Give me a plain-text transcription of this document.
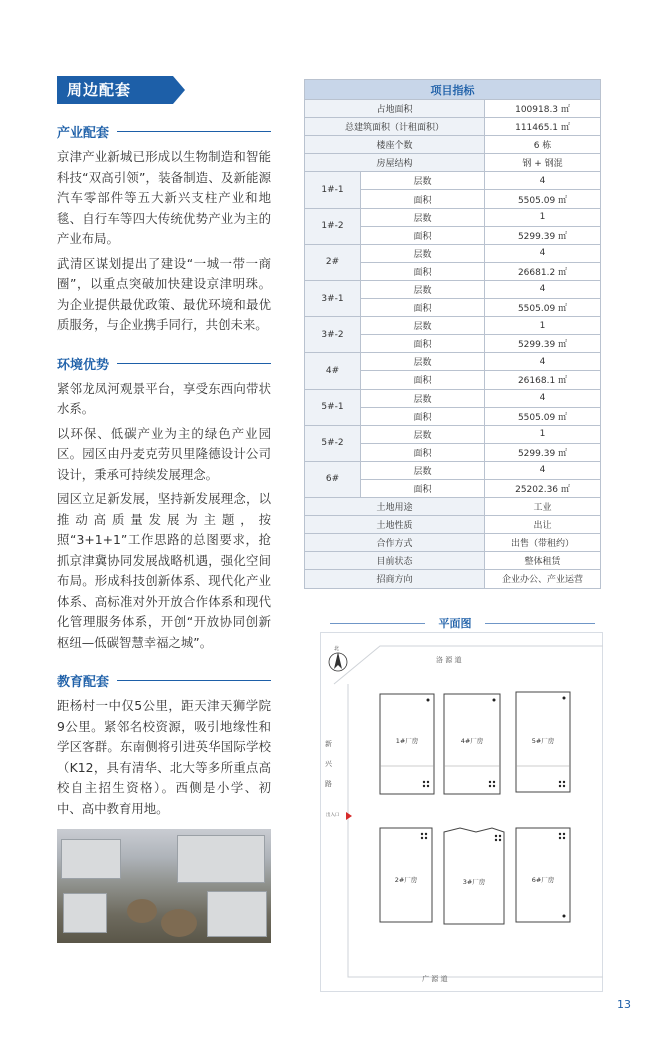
周边配套
产业配套

京津产业新城已形成以生物制造和智能科技“双高引领”，装备制造、及新能源汽车零部件等五大新兴支柱产业和地毯、自行车等四大传统优势产业为主的产业布局。

武清区谋划提出了建设“一城一带一商圈”，以重点突破加快建设京津明珠。为企业提供最优政策、最优环境和最优质服务，与企业携手同行，共创未来。

环境优势

紧邻龙凤河观景平台，享受东西向带状水系。

以环保、低碳产业为主的绿色产业园区。园区由丹麦克劳贝里隆德设计公司设计，秉承可持续发展理念。

园区立足新发展，坚持新发展理念，以推动高质量发展为主题，按照“3+1+1”工作思路的总图要求，抢抓京津冀协同发展战略机遇，强化空间布局。形成科技创新体系、现代化产业体系、高标准对外开放合作体系和现代化管理服务体系，开创“开放协同创新枢纽—低碳智慧幸福之城”。

教育配套

距杨村一中仅5公里，距天津天狮学院9公里。紧邻名校资源，吸引地缘性和学区客群。东南侧将引进英华国际学校（K12，具有清华、北大等多所重点高校自主招生资格）。西侧是小学、初中、高中教育用地。

项目指标		
占地面积		100918.3 ㎡
总建筑面积（计租面积）		111465.1 ㎡
楼座个数		6 栋
房屋结构		钢 + 钢混
1#-1	层数	4
	面积	5505.09 ㎡
1#-2	层数	1
	面积	5299.39 ㎡
2#	层数	4
	面积	26681.2 ㎡
3#-1	层数	4
	面积	5505.09 ㎡
3#-2	层数	1
	面积	5299.39 ㎡
4#	层数	4
	面积	26168.1 ㎡
5#-1	层数	4
	面积	5505.09 ㎡
5#-2	层数	1
	面积	5299.39 ㎡
6#	层数	4
	面积	25202.36 ㎡
土地用途		工业
土地性质		出让
合作方式		出售（带租约）
目前状态		整体租赁
招商方向		企业办公、产业运营
平面图
北
洛 源 道
广 源 道
新
兴
路
出入口
1#厂房	4#厂房	5#厂房
2#厂房	3#厂房	6#厂房
13
